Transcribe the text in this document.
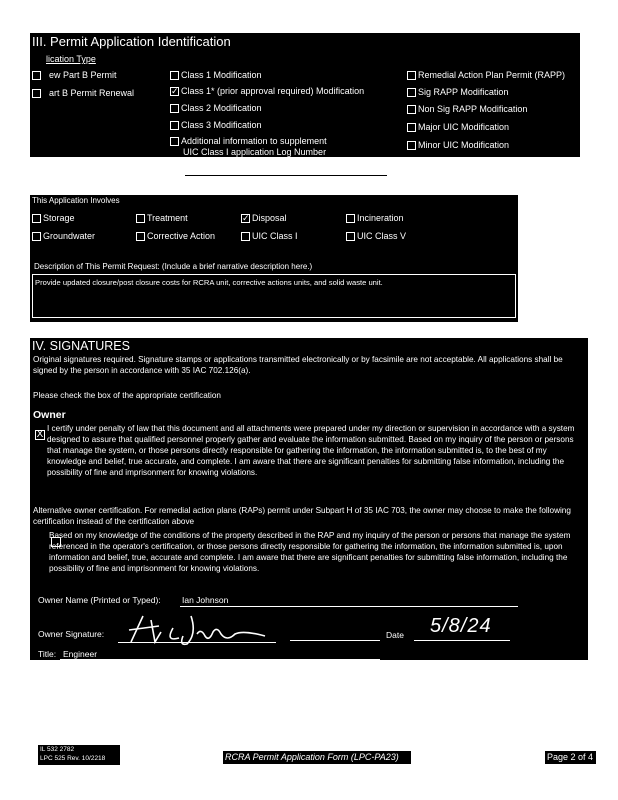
III. Permit Application Identification
lication Type
ew Part B Permit
art B Permit Renewal
Class 1 Modification
✓ Class 1* (prior approval required) Modification
Class 2 Modification
Class 3 Modification
Additional information to supplement
UIC Class I application Log Number
Remedial Action Plan Permit (RAPP)
Sig RAPP Modification
Non Sig RAPP Modification
Major UIC Modification
Minor UIC Modification
This Application Involves
Storage	Treatment	✓ Disposal	Incineration
Groundwater	Corrective Action	UIC Class I	UIC Class V
Description of This Permit Request: (Include a brief narrative description here.)
Provide updated closure/post closure costs for RCRA unit, corrective actions units, and solid waste unit.
IV. SIGNATURES
Original signatures required. Signature stamps or applications transmitted electronically or by facsimile are not acceptable. All applications shall be signed by the person in accordance with 35 IAC 702.126(a).
Please check the box of the appropriate certification
Owner
X
I certify under penalty of law that this document and all attachments were prepared under my direction or supervision in accordance with a system designed to assure that qualified personnel properly gather and evaluate the information submitted. Based on my inquiry of the person or persons that manage the system, or those persons directly responsible for gathering the information, the information submitted is, to the best of my knowledge and belief, true accurate, and complete. I am aware that there are significant penalties for submitting false information, including the possibility of fine and imprisonment for knowing violations.
Alternative owner certification. For remedial action plans (RAPs) permit under Subpart H of 35 IAC 703, the owner may choose to make the following certification instead of the certification above
Based on my knowledge of the conditions of the property described in the RAP and my inquiry of the person or persons that manage the system referenced in the operator's certification, or those persons directly responsible for gathering the information, the information submitted is, upon information and belief, true, accurate and complete. I am aware that there are significant penalties for submitting false information, including the possibility of fine and imprisonment for knowing violations.
Owner Name (Printed or Typed):	Ian Johnson
Owner Signature:	Date 5/8/24
Title: Engineer
IL 532 2782
LPC 525 Rev. 10/2218	RCRA Permit Application Form (LPC-PA23)	Page 2 of 4
